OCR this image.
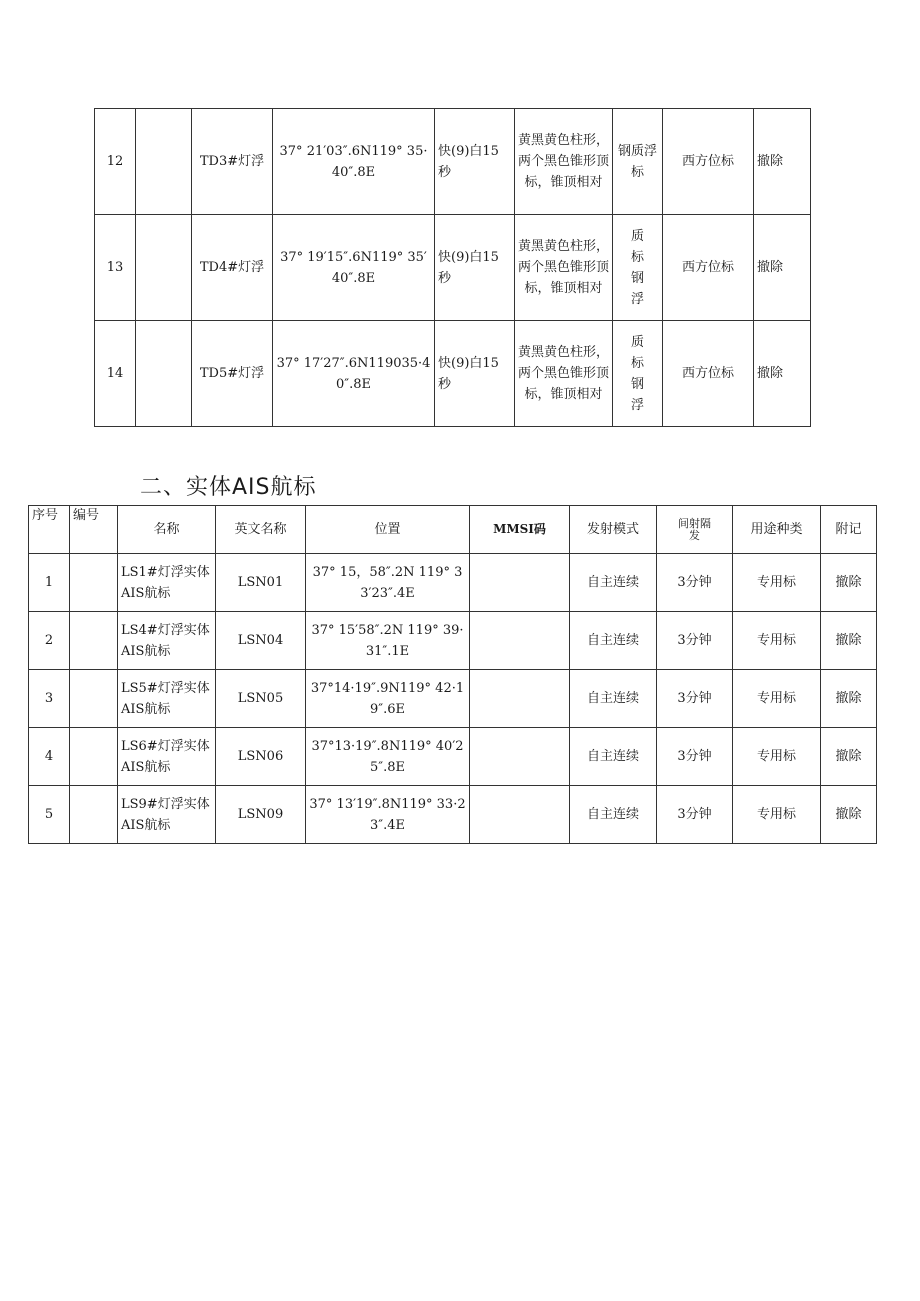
12		TD3#灯浮	37° 21′03″.6N119° 35·40″.8E	快(9)白15秒	黄黑黄色柱形，两个黑色锥形顶标，锥顶相对	钢质浮标	西方位标	撤除
13		TD4#灯浮	37° 19′15″.6N119° 35′40″.8E	快(9)白15秒	黄黑黄色柱形，两个黑色锥形顶标，锥顶相对	质标钢浮	西方位标	撤除
14		TD5#灯浮	37° 17′27″.6N119035·40″.8E	快(9)白15秒	黄黑黄色柱形，两个黑色锥形顶标，锥顶相对	质标钢浮	西方位标	撤除
二、实体AIS航标
序号	编号	名称	英文名称	位置	MMSI码	发射模式	间射隔发	用途种类	附记
1		LS1#灯浮实体AIS航标	LSN01	37° 15，58″.2N 119° 33′23″.4E		自主连续	3分钟	专用标	撤除
2		LS4#灯浮实体AIS航标	LSN04	37° 15′58″.2N 119° 39·31″.1E		自主连续	3分钟	专用标	撤除
3		LS5#灯浮实体AIS航标	LSN05	37°14·19″.9N119° 42·19″.6E		自主连续	3分钟	专用标	撤除
4		LS6#灯浮实体AIS航标	LSN06	37°13·19″.8N119° 40′25″.8E		自主连续	3分钟	专用标	撤除
5		LS9#灯浮实体AIS航标	LSN09	37° 13′19″.8N119° 33·23″.4E		自主连续	3分钟	专用标	撤除
